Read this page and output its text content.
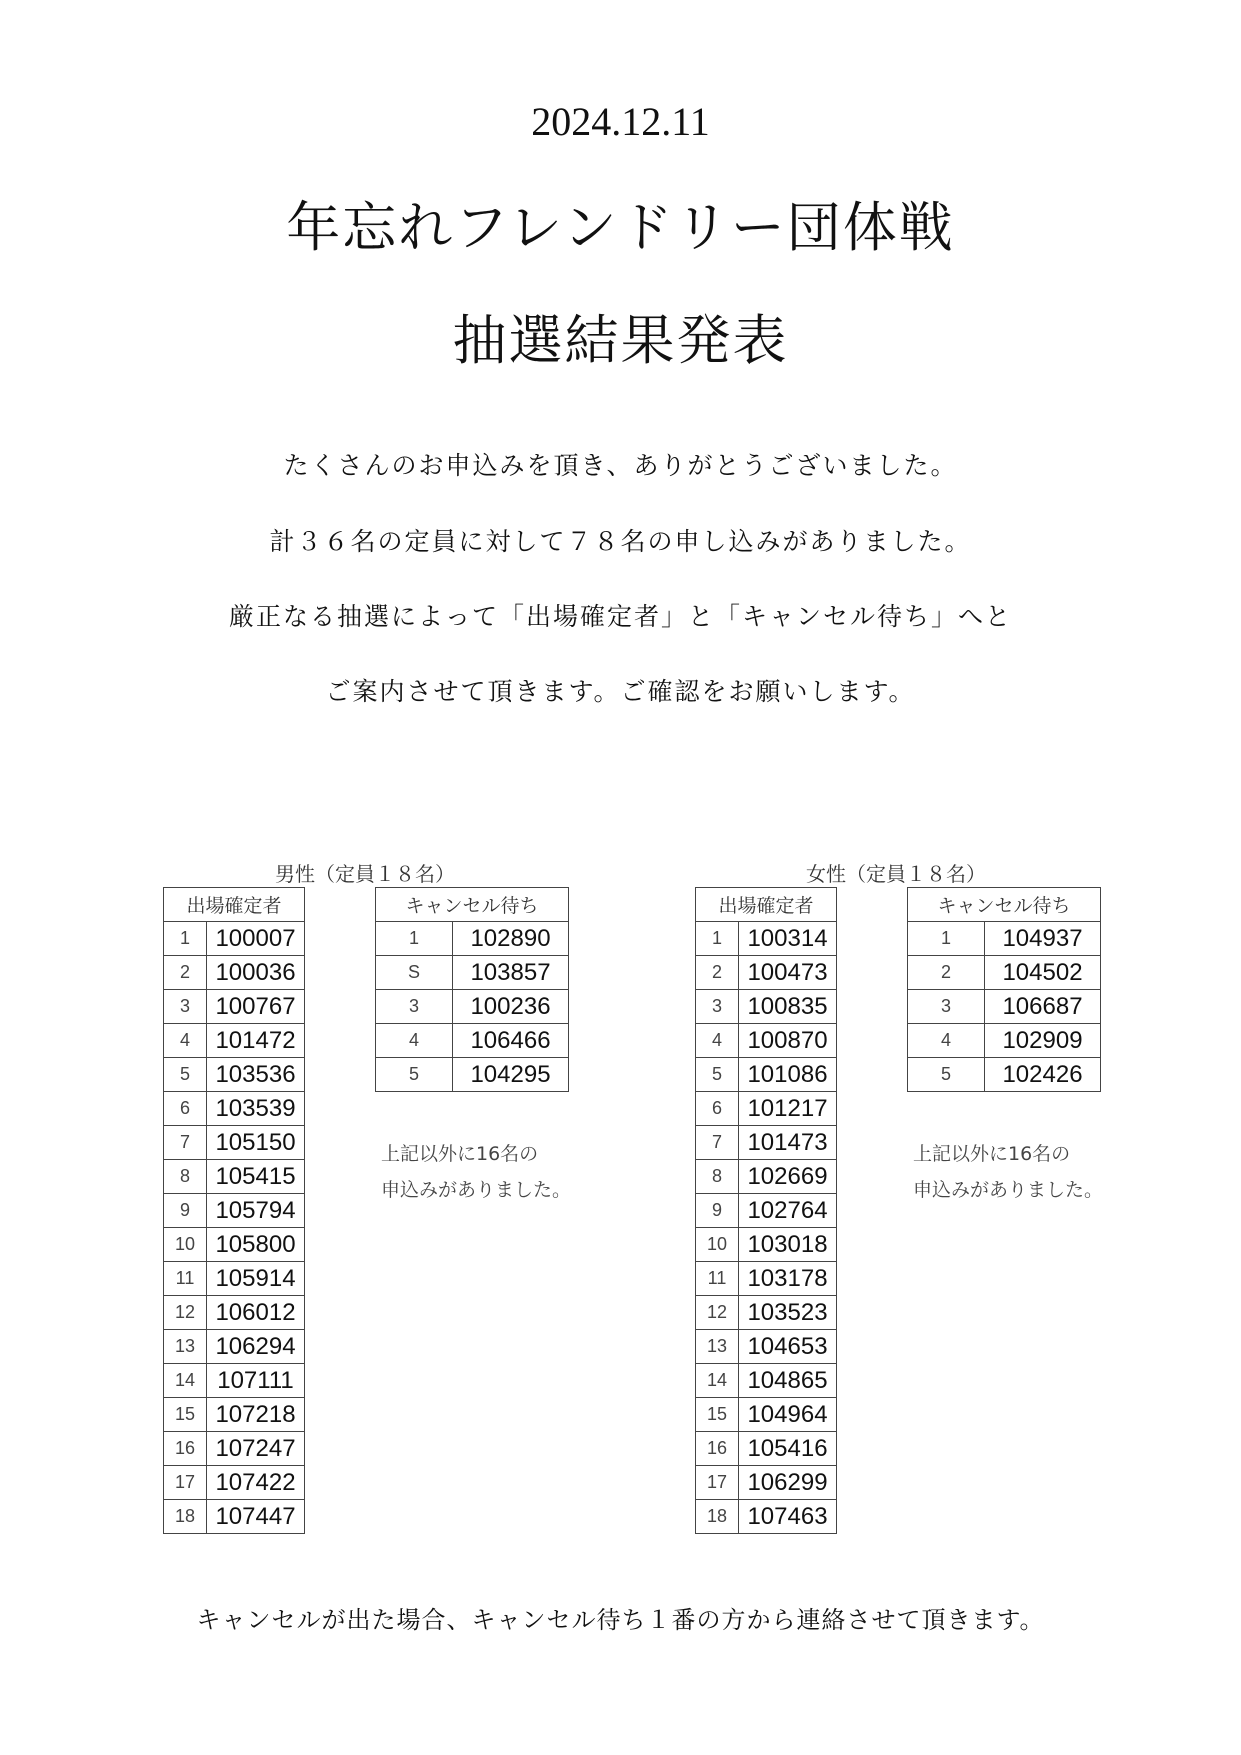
2024.12.11
年忘れフレンドリー団体戦
抽選結果発表
たくさんのお申込みを頂き、ありがとうございました。
計３６名の定員に対して７８名の申し込みがありました。
厳正なる抽選によって「出場確定者」と「キャンセル待ち」へと
ご案内させて頂きます。ご確認をお願いします。
男性（定員１８名）
出場確定者	
1	100007
2	100036
3	100767
4	101472
5	103536
6	103539
7	105150
8	105415
9	105794
10	105800
11	105914
12	106012
13	106294
14	107111
15	107218
16	107247
17	107422
18	107447
キャンセル待ち	
1	102890
S	103857
3	100236
4	106466
5	104295
上記以外に16名の
申込みがありました。
女性（定員１８名）
出場確定者	
1	100314
2	100473
3	100835
4	100870
5	101086
6	101217
7	101473
8	102669
9	102764
10	103018
11	103178
12	103523
13	104653
14	104865
15	104964
16	105416
17	106299
18	107463
キャンセル待ち	
1	104937
2	104502
3	106687
4	102909
5	102426
上記以外に16名の
申込みがありました。
キャンセルが出た場合、キャンセル待ち１番の方から連絡させて頂きます。
